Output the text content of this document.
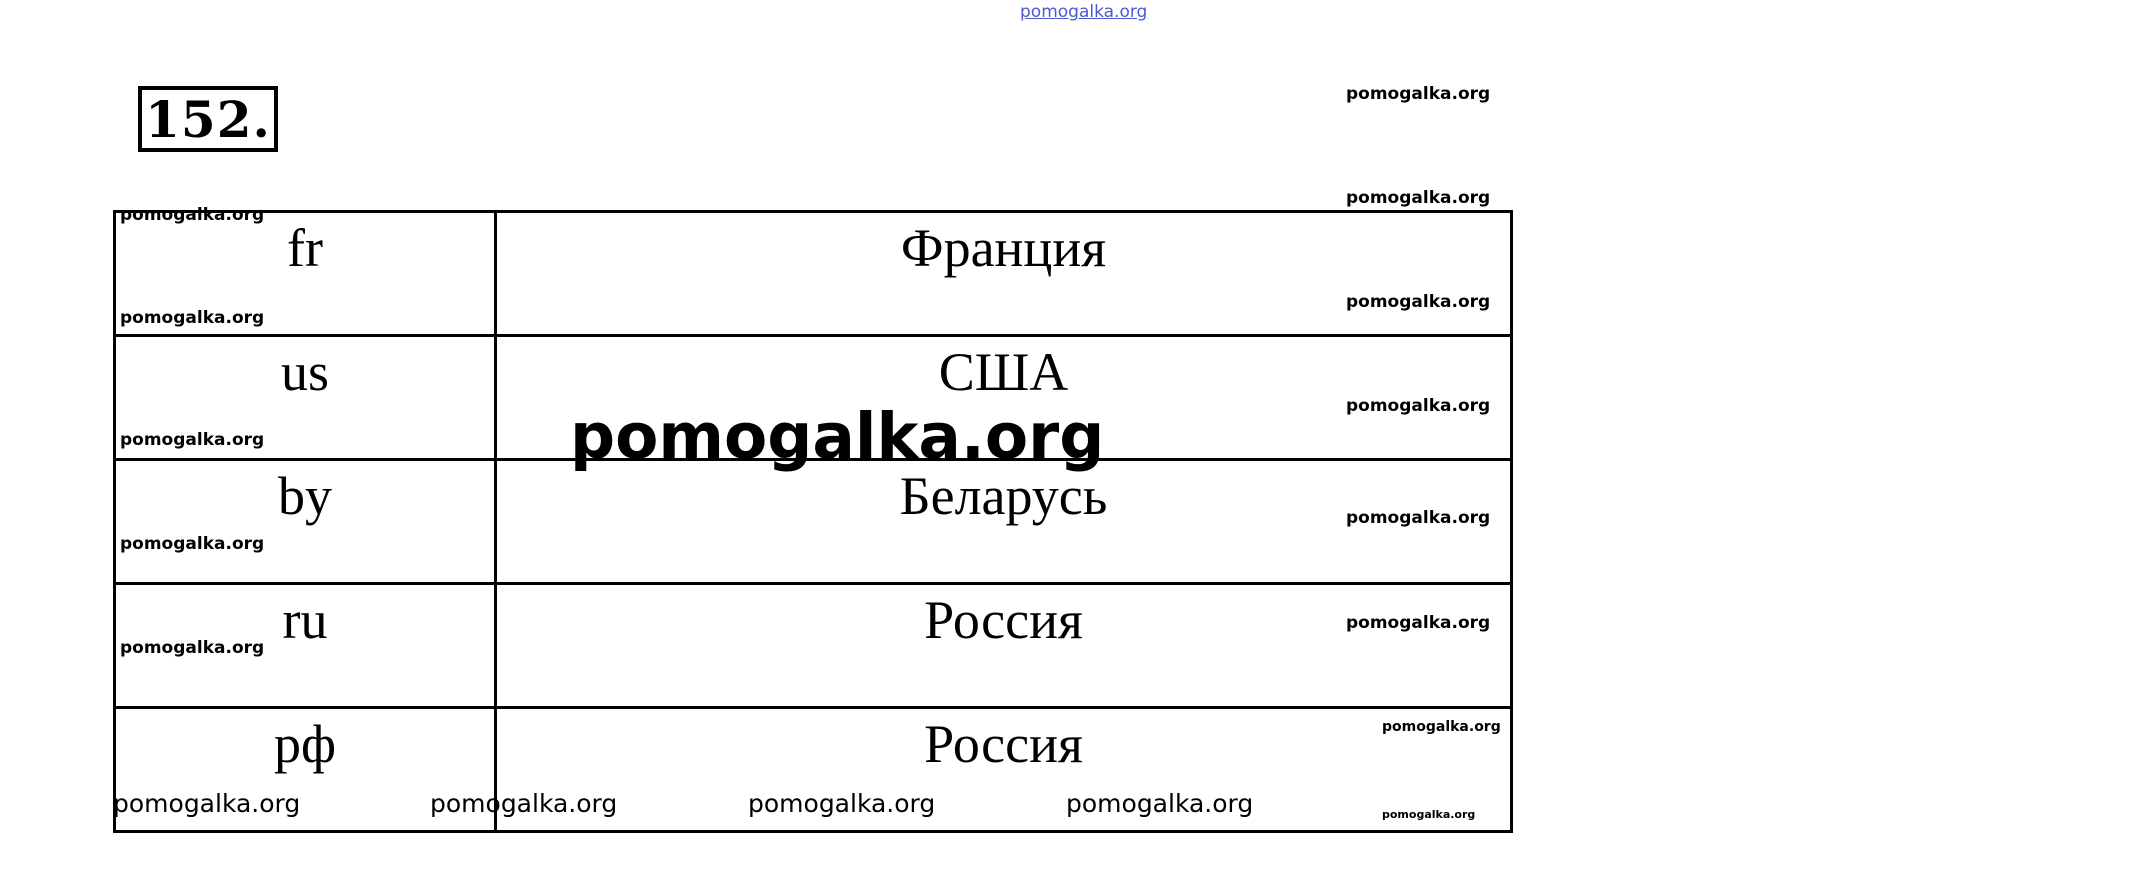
pomogalka.org
152.
fr	Франция
us	США
by	Беларусь
ru	Россия
рф	Россия
pomogalka.org
pomogalka.org
pomogalka.org
pomogalka.org
pomogalka.org
pomogalka.org
pomogalka.org
pomogalka.org
pomogalka.org
pomogalka.org
pomogalka.org
pomogalka.org
pomogalka.org
pomogalka.org
pomogalka.org	pomogalka.org	pomogalka.org	pomogalka.org
